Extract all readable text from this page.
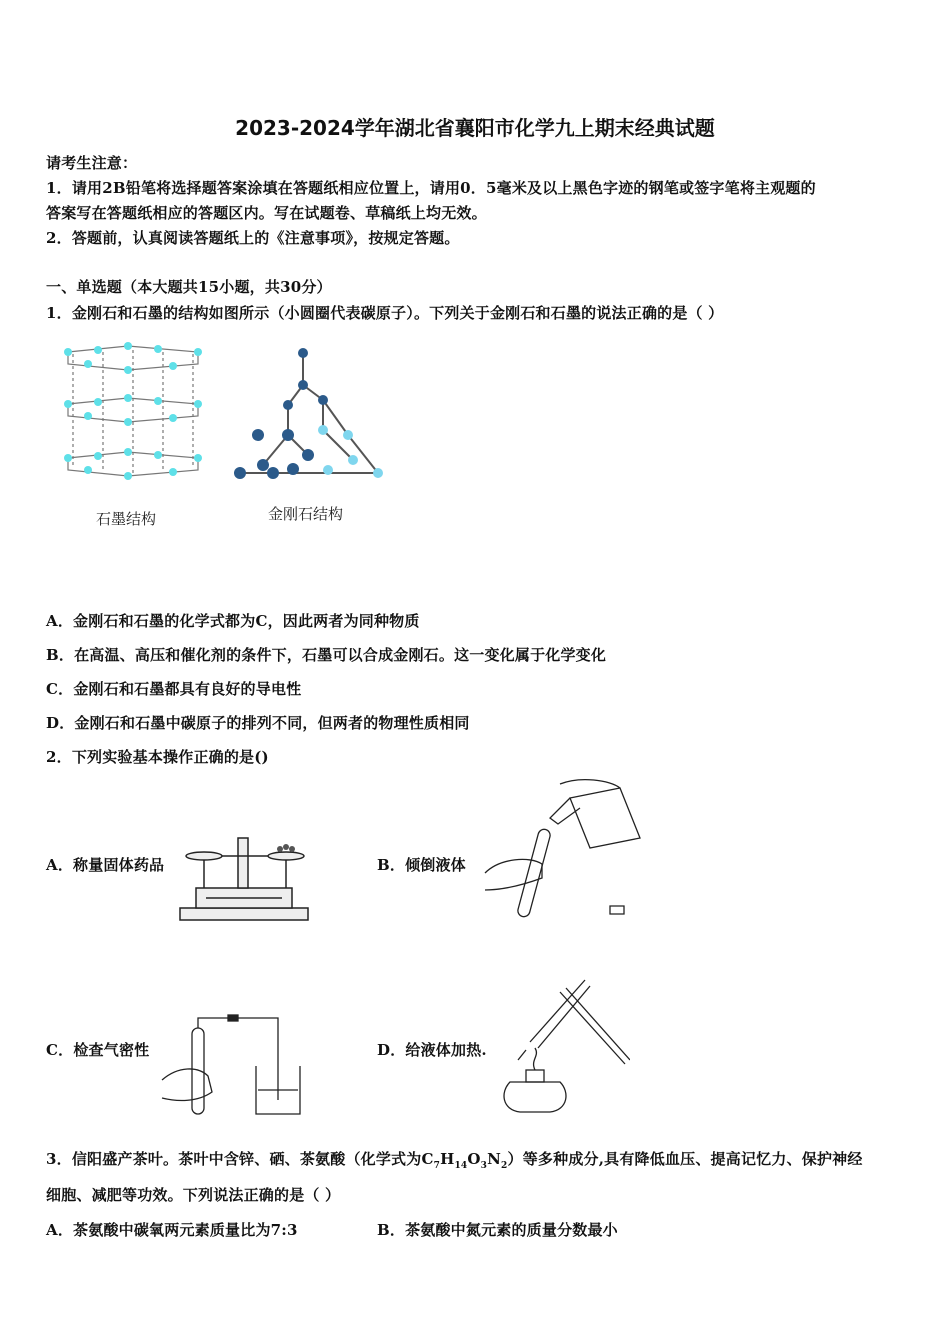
2023-2024学年湖北省襄阳市化学九上期末经典试题
请考生注意：
1．请用2B铅笔将选择题答案涂填在答题纸相应位置上，请用0．5毫米及以上黑色字迹的钢笔或签字笔将主观题的
答案写在答题纸相应的答题区内。写在试题卷、草稿纸上均无效。
2．答题前，认真阅读答题纸上的《注意事项》，按规定答题。
一、单选题（本大题共15小题，共30分）
1．金刚石和石墨的结构如图所示（小圆圈代表碳原子）。下列关于金刚石和石墨的说法正确的是（ ）
石墨结构	金刚石结构
A．金刚石和石墨的化学式都为C，因此两者为同种物质
B．在高温、高压和催化剂的条件下，石墨可以合成金刚石。这一变化属于化学变化
C．金刚石和石墨都具有良好的导电性
D．金刚石和石墨中碳原子的排列不同，但两者的物理性质相同
2．下列实验基本操作正确的是()
A．称量固体药品	B．倾倒液体
C．检查气密性	D．给液体加热.
3．信阳盛产茶叶。茶叶中含锌、硒、茶氨酸（化学式为$C_7H_{14}O_3N_2$）等多种成分,具有降低血压、提高记忆力、保护神经
细胞、减肥等功效。下列说法正确的是（ ）
A．茶氨酸中碳氧两元素质量比为7:3	B．茶氨酸中氮元素的质量分数最小
